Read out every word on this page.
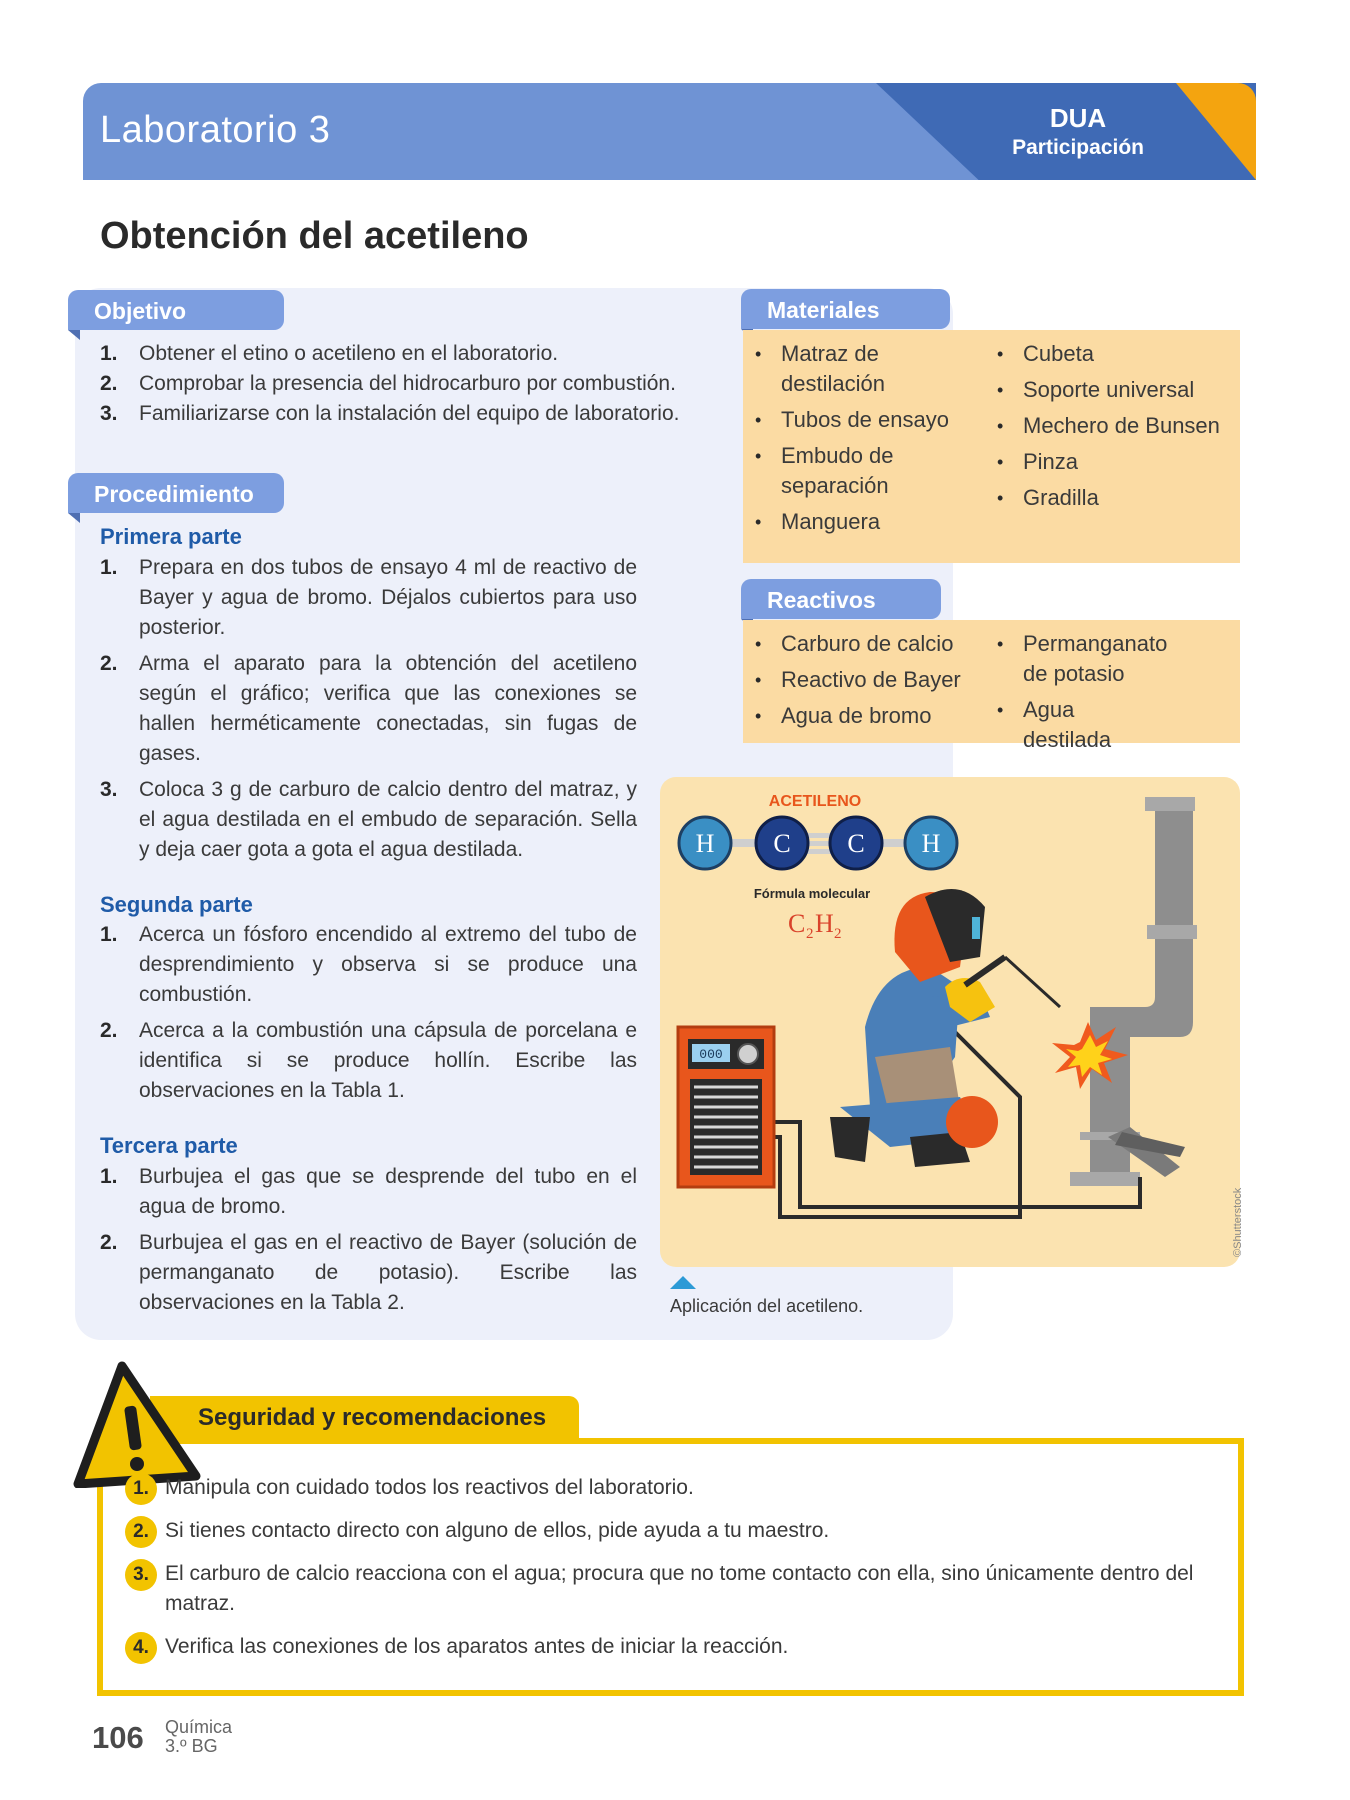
Laboratorio 3	DUA
Participación
Obtención del acetileno
Objetivo
1. Obtener el etino o acetileno en el laboratorio.
2. Comprobar la presencia del hidrocarburo por combustión.
3. Familiarizarse con la instalación del equipo de laboratorio.
Procedimiento
Primera parte
1. Prepara en dos tubos de ensayo 4 ml de reactivo de Bayer y agua de bromo. Déjalos cubiertos para uso posterior.
2. Arma el aparato para la obtención del acetileno según el gráfico; verifica que las conexiones se hallen herméticamente conectadas, sin fugas de gases.
3. Coloca 3 g de carburo de calcio dentro del matraz, y el agua destilada en el embudo de separación. Sella y deja caer gota a gota el agua destilada.
Segunda parte
1. Acerca un fósforo encendido al extremo del tubo de desprendimiento y observa si se produce una combustión.
2. Acerca a la combustión una cápsula de porcelana e identifica si se produce hollín. Escribe las observaciones en la Tabla 1.
Tercera parte
1. Burbujea el gas que se desprende del tubo en el agua de bromo.
2. Burbujea el gas en el reactivo de Bayer (solución de permanganato de potasio). Escribe las observaciones en la Tabla 2.
Materiales
• Matraz de destilación
• Tubos de ensayo
• Embudo de separación
• Manguera
• Cubeta
• Soporte universal
• Mechero de Bunsen
• Pinza
• Gradilla
Reactivos
• Carburo de calcio
• Reactivo de Bayer
• Agua de bromo
• Permanganato de potasio
• Agua destilada
ACETILENO
H C C H
Fórmula molecular
C 2 H 2
000
©Shutterstock
Aplicación del acetileno.
Seguridad y recomendaciones
1. Manipula con cuidado todos los reactivos del laboratorio.
2. Si tienes contacto directo con alguno de ellos, pide ayuda a tu maestro.
3. El carburo de calcio reacciona con el agua; procura que no tome contacto con ella, sino únicamente dentro del matraz.
4. Verifica las conexiones de los aparatos antes de iniciar la reacción.
106 Química
3.º BG
